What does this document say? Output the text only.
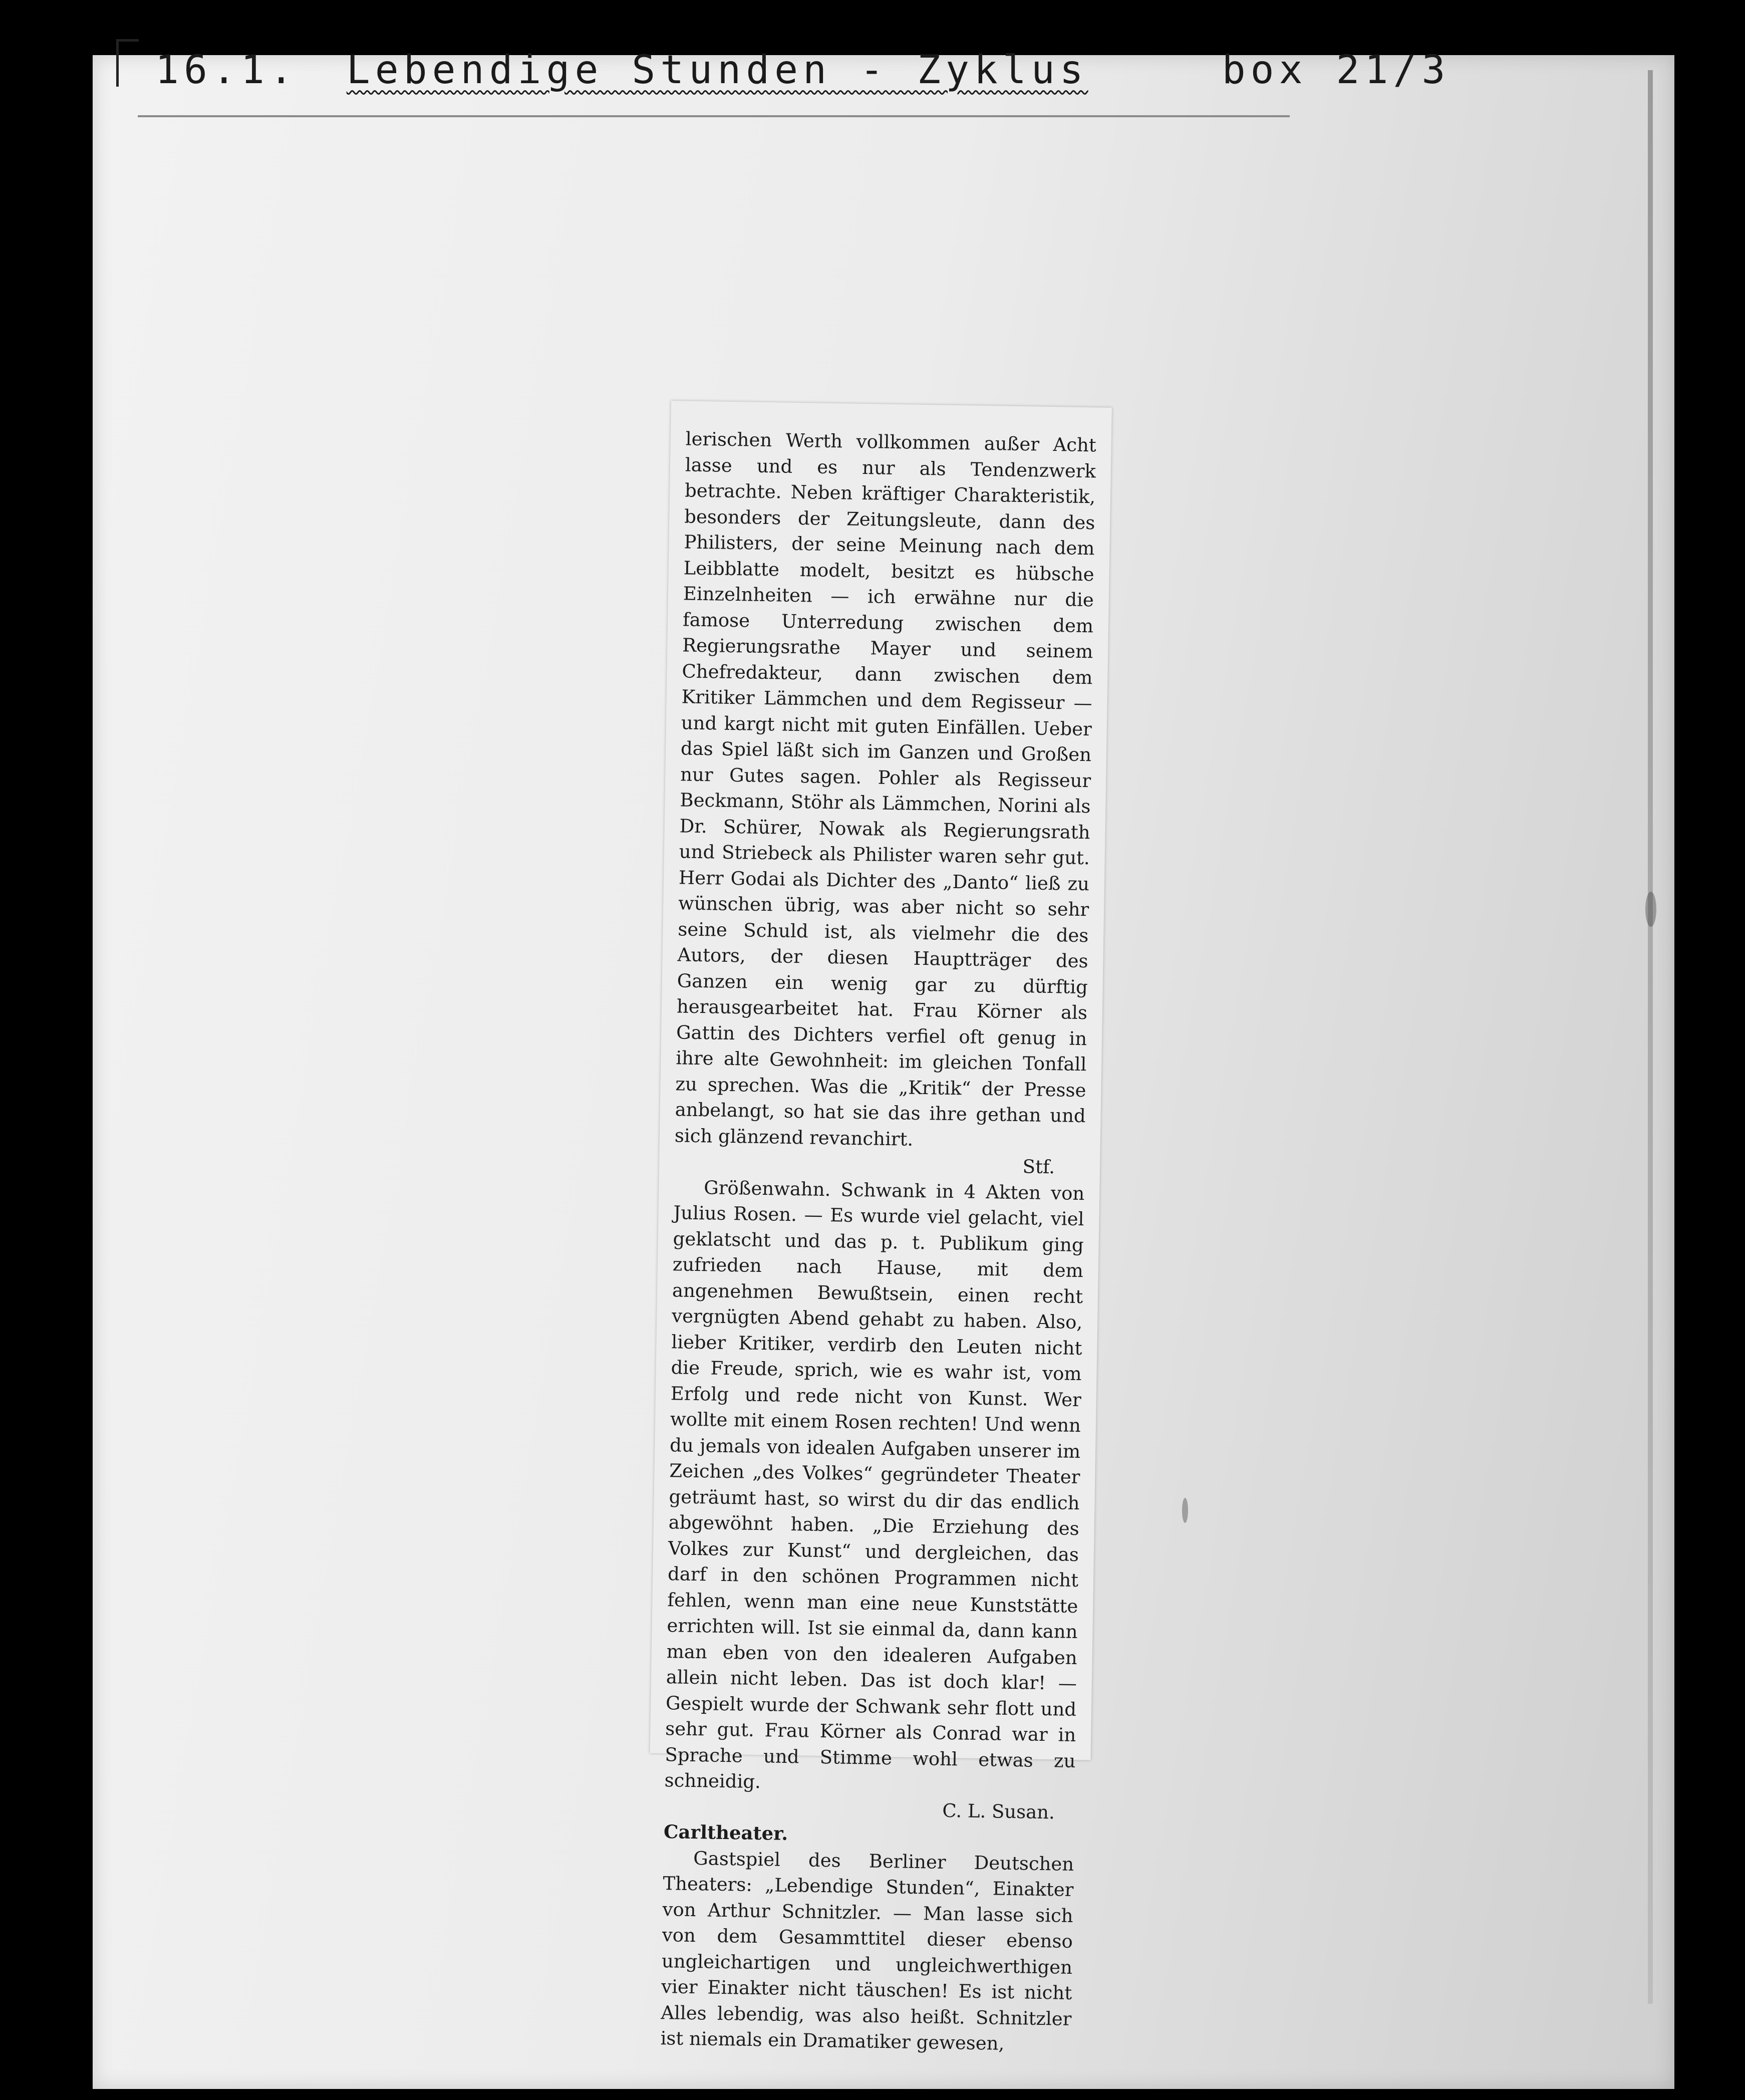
16.1. Lebendige Stunden - Zyklus	box 21/3

lerischen Werth vollkommen außer Acht lasse und es nur als Tendenzwerk betrachte. Neben kräftiger Charakteristik, besonders der Zeitungsleute, dann des Philisters, der seine Meinung nach dem Leibblatte modelt, besitzt es hübsche Einzelnheiten — ich erwähne nur die famose Unterredung zwischen dem Regierungsrathe Mayer und seinem Chefredakteur, dann zwischen dem Kritiker Lämmchen und dem Regisseur — und kargt nicht mit guten Einfällen. Ueber das Spiel läßt sich im Ganzen und Großen nur Gutes sagen. Pohler als Regisseur Beckmann, Stöhr als Lämmchen, Norini als Dr. Schürer, Nowak als Regierungsrath und Striebeck als Philister waren sehr gut. Herr Godai als Dichter des „Danto“ ließ zu wünschen übrig, was aber nicht so sehr seine Schuld ist, als vielmehr die des Autors, der diesen Hauptträger des Ganzen ein wenig gar zu dürftig herausgearbeitet hat. Frau Körner als Gattin des Dichters verfiel oft genug in ihre alte Gewohnheit: im gleichen Tonfall zu sprechen. Was die „Kritik“ der Presse anbelangt, so hat sie das ihre gethan und sich glänzend revanchirt.

Stf.

Größenwahn. Schwank in 4 Akten von Julius Rosen. — Es wurde viel gelacht, viel geklatscht und das p. t. Publikum ging zufrieden nach Hause, mit dem angenehmen Bewußtsein, einen recht vergnügten Abend gehabt zu haben. Also, lieber Kritiker, verdirb den Leuten nicht die Freude, sprich, wie es wahr ist, vom Erfolg und rede nicht von Kunst. Wer wollte mit einem Rosen rechten! Und wenn du jemals von idealen Aufgaben unserer im Zeichen „des Volkes“ gegründeter Theater geträumt hast, so wirst du dir das endlich abgewöhnt haben. „Die Erziehung des Volkes zur Kunst“ und dergleichen, das darf in den schönen Programmen nicht fehlen, wenn man eine neue Kunststätte errichten will. Ist sie einmal da, dann kann man eben von den idealeren Aufgaben allein nicht leben. Das ist doch klar! — Gespielt wurde der Schwank sehr flott und sehr gut. Frau Körner als Conrad war in Sprache und Stimme wohl etwas zu schneidig.

C. L. Susan.

Carltheater.

Gastspiel des Berliner Deutschen Theaters: „Lebendige Stunden“, Einakter von Arthur Schnitzler. — Man lasse sich von dem Gesammttitel dieser ebenso ungleichartigen und ungleichwerthigen vier Einakter nicht täuschen! Es ist nicht Alles lebendig, was also heißt. Schnitzler ist niemals ein Dramatiker gewesen,
